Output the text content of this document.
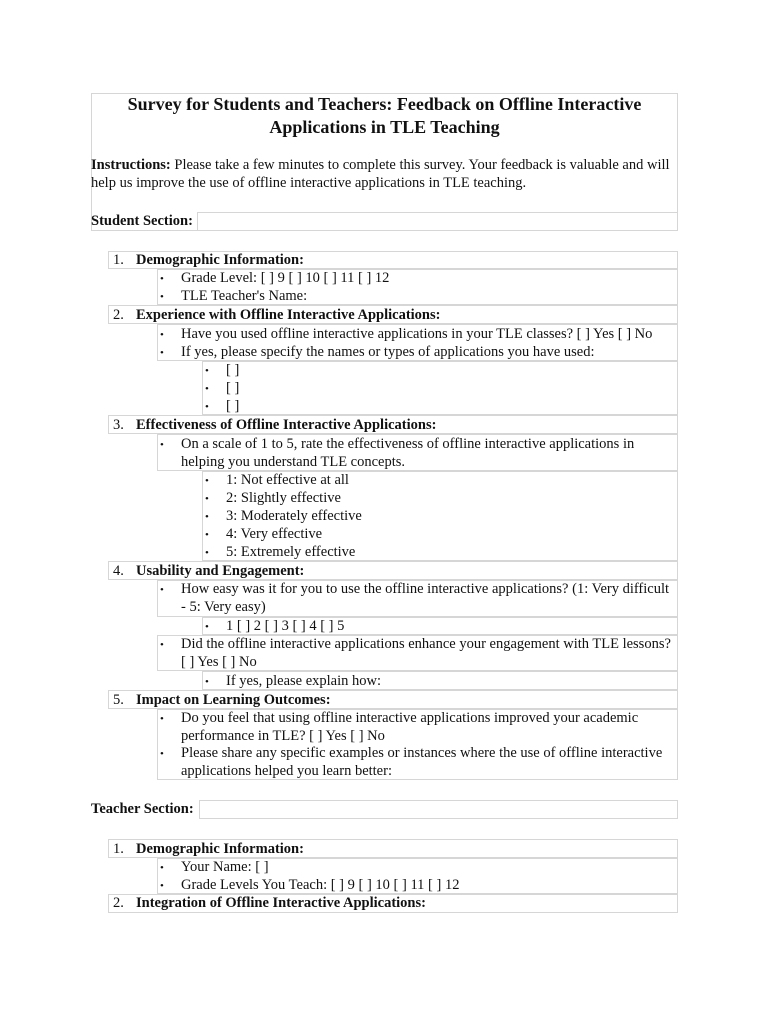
Survey for Students and Teachers: Feedback on Offline Interactive Applications in TLE Teaching

Instructions: Please take a few minutes to complete this survey. Your feedback is valuable and will help us improve the use of offline interactive applications in TLE teaching.

Student Section:

1. Demographic Information:
• Grade Level: [ ] 9 [ ] 10 [ ] 11 [ ] 12
• TLE Teacher's Name:
2. Experience with Offline Interactive Applications:
• Have you used offline interactive applications in your TLE classes? [ ] Yes [ ] No
• If yes, please specify the names or types of applications you have used:
• [ ]
• [ ]
• [ ]
3. Effectiveness of Offline Interactive Applications:
• On a scale of 1 to 5, rate the effectiveness of offline interactive applications in helping you understand TLE concepts.
• 1: Not effective at all
• 2: Slightly effective
• 3: Moderately effective
• 4: Very effective
• 5: Extremely effective
4. Usability and Engagement:
• How easy was it for you to use the offline interactive applications? (1: Very difficult - 5: Very easy)
• 1 [ ] 2 [ ] 3 [ ] 4 [ ] 5
• Did the offline interactive applications enhance your engagement with TLE lessons? [ ] Yes [ ] No
• If yes, please explain how:
5. Impact on Learning Outcomes:
• Do you feel that using offline interactive applications improved your academic performance in TLE? [ ] Yes [ ] No
• Please share any specific examples or instances where the use of offline interactive applications helped you learn better:

Teacher Section:

1. Demographic Information:
• Your Name: [ ]
• Grade Levels You Teach: [ ] 9 [ ] 10 [ ] 11 [ ] 12
2. Integration of Offline Interactive Applications:
